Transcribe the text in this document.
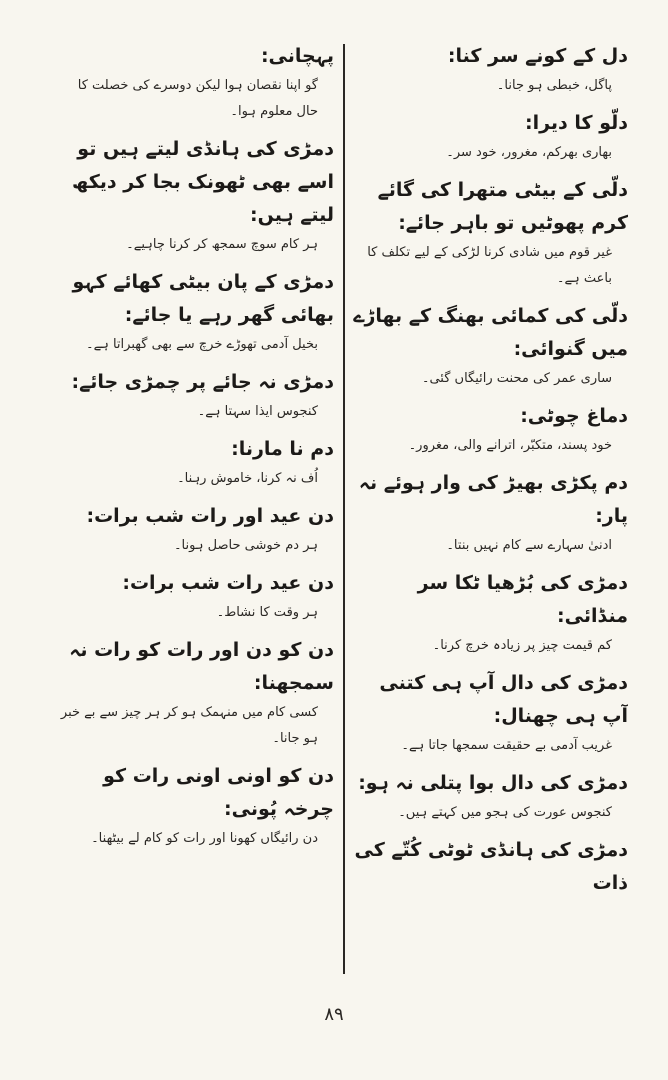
دل کے کونے سر کنا:

پاگل، خبطی ہو جانا۔

دلّو کا دیرا:

بھاری بھرکم، مغرور، خود سر۔

دلّی کے بیٹی متھرا کی گائے کرم پھوٹیں تو باہر جائے:

غیر قوم میں شادی کرنا لڑکی کے لیے تکلف کا باعث ہے۔

دلّی کی کمائی بھنگ کے بھاڑے میں گنوائی:

ساری عمر کی محنت رائیگاں گئی۔

دماغ چوٹی:

خود پسند، متکبّر، اترانے والی، مغرور۔

دم پکڑی بھیڑ کی وار ہوئے نہ پار:

ادنیٰ سہارے سے کام نہیں بنتا۔

دمڑی کی بُڑھیا ٹکا سر منڈائی:

کم قیمت چیز پر زیادہ خرچ کرنا۔

دمڑی کی دال آپ ہی کتنی آپ ہی چھنال:

غریب آدمی بے حقیقت سمجھا جاتا ہے۔

دمڑی کی دال بوا پتلی نہ ہو:

کنجوس عورت کی ہجو میں کہتے ہیں۔

دمڑی کی ہانڈی ٹوٹی کُتّے کی ذات

پہچانی:

گو اپنا نقصان ہوا لیکن دوسرے کی خصلت کا حال معلوم ہوا۔

دمڑی کی ہانڈی لیتے ہیں تو اسے بھی ٹھونک بجا کر دیکھ لیتے ہیں:

ہر کام سوچ سمجھ کر کرنا چاہیے۔

دمڑی کے پان بیٹی کھائے کہو بھائی گھر رہے یا جائے:

بخیل آدمی تھوڑے خرچ سے بھی گھبراتا ہے۔

دمڑی نہ جائے پر چمڑی جائے:

کنجوس ایذا سہتا ہے۔

دم نا مارنا:

اُف نہ کرنا، خاموش رہنا۔

دن عید اور رات شب برات:

ہر دم خوشی حاصل ہونا۔

دن عید رات شب برات:

ہر وقت کا نشاط۔

دن کو دن اور رات کو رات نہ سمجھنا:

کسی کام میں منہمک ہو کر ہر چیز سے بے خبر ہو جانا۔

دن کو اونی اونی رات کو چرخہ پُونی:

دن رائیگاں کھونا اور رات کو کام لے بیٹھنا۔

۸۹
